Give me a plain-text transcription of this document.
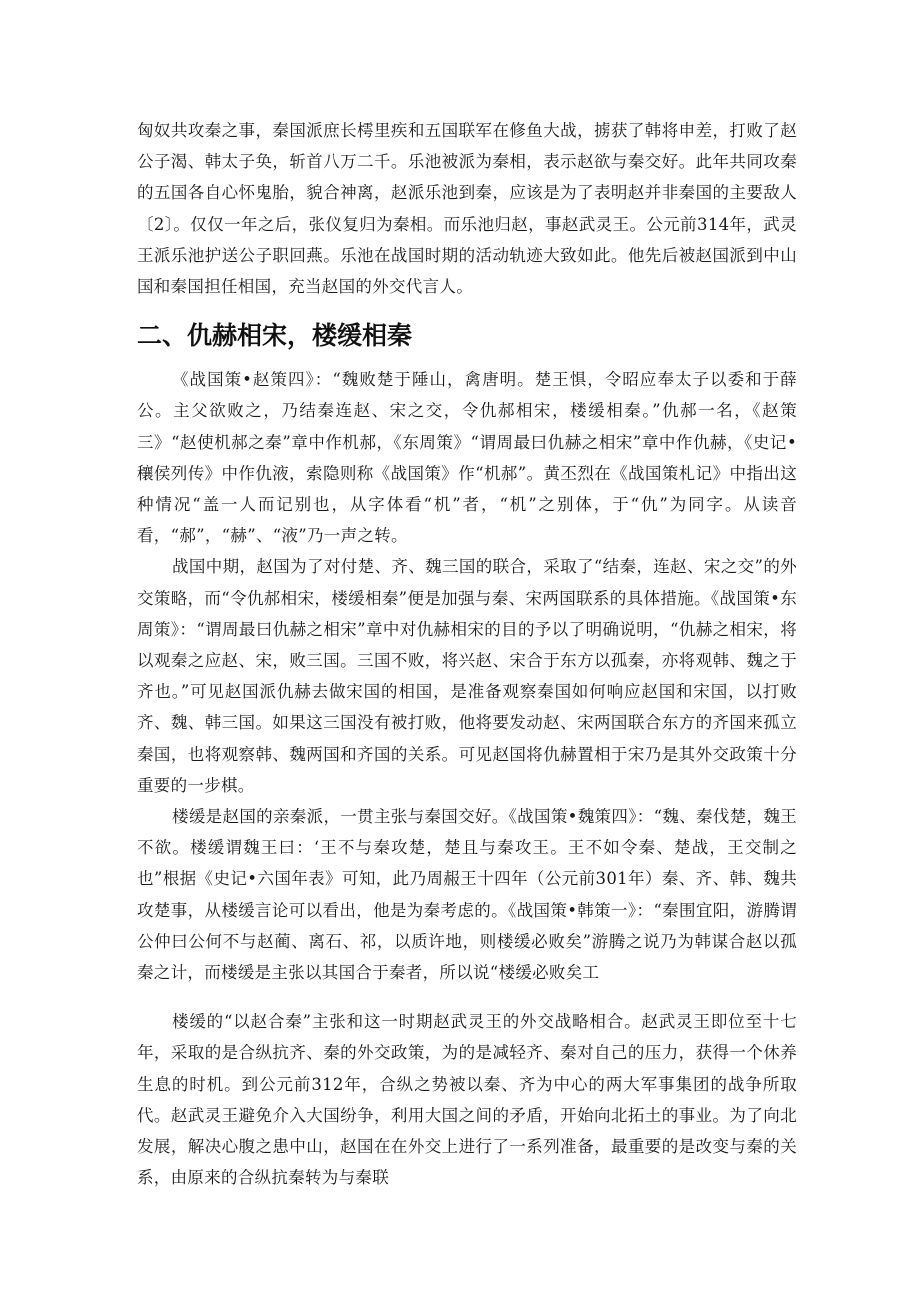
匈奴共攻秦之事，秦国派庶长樗里疾和五国联军在修鱼大战，掳获了韩将申差，打败了赵公子渴、韩太子奂，斩首八万二千。乐池被派为秦相，表示赵欲与秦交好。此年共同攻秦的五国各自心怀鬼胎，貌合神离，赵派乐池到秦，应该是为了表明赵并非秦国的主要敌人〔2〕。仅仅一年之后，张仪复归为秦相。而乐池归赵，事赵武灵王。公元前314年，武灵王派乐池护送公子职回燕。乐池在战国时期的活动轨迹大致如此。他先后被赵国派到中山国和秦国担任相国，充当赵国的外交代言人。

二、仇赫相宋，楼缓相秦

《战国策•赵策四》：“魏败楚于陲山，禽唐明。楚王惧，令昭应奉太子以委和于薛公。主父欲败之，乃结秦连赵、宋之交，令仇郝相宋，楼缓相秦。”仇郝一名，《赵策三》“赵使机郝之秦”章中作机郝，《东周策》“谓周最曰仇赫之相宋”章中作仇赫，《史记•穰侯列传》中作仇液，索隐则称《战国策》作“机郝”。黄丕烈在《战国策札记》中指出这种情况“盖一人而记别也，从字体看“机”者，“机”之别体，于“仇”为同字。从读音看，“郝”，“赫”、“液”乃一声之转。

战国中期，赵国为了对付楚、齐、魏三国的联合，采取了“结秦，连赵、宋之交”的外交策略，而“令仇郝相宋，楼缓相秦”便是加强与秦、宋两国联系的具体措施。《战国策•东周策》：“谓周最曰仇赫之相宋”章中对仇赫相宋的目的予以了明确说明，“仇赫之相宋，将以观秦之应赵、宋，败三国。三国不败，将兴赵、宋合于东方以孤秦，亦将观韩、魏之于齐也。”可见赵国派仇赫去做宋国的相国，是准备观察秦国如何响应赵国和宋国，以打败齐、魏、韩三国。如果这三国没有被打败，他将要发动赵、宋两国联合东方的齐国来孤立秦国，也将观察韩、魏两国和齐国的关系。可见赵国将仇赫置相于宋乃是其外交政策十分重要的一步棋。

楼缓是赵国的亲秦派，一贯主张与秦国交好。《战国策•魏策四》：“魏、秦伐楚，魏王不欲。楼缓谓魏王曰：‘王不与秦攻楚，楚且与秦攻王。王不如令秦、楚战，王交制之也”根据《史记•六国年表》可知，此乃周赧王十四年（公元前301年）秦、齐、韩、魏共攻楚事，从楼缓言论可以看出，他是为秦考虑的。《战国策•韩策一》：“秦围宜阳，游腾谓公仲曰公何不与赵蔺、离石、祁，以质许地，则楼缓必败矣”游腾之说乃为韩谋合赵以孤秦之计，而楼缓是主张以其国合于秦者，所以说“楼缓必败矣工

楼缓的“以赵合秦”主张和这一时期赵武灵王的外交战略相合。赵武灵王即位至十七年，采取的是合纵抗齐、秦的外交政策，为的是减轻齐、秦对自己的压力，获得一个休养生息的时机。到公元前312年，合纵之势被以秦、齐为中心的两大军事集团的战争所取代。赵武灵王避免介入大国纷争，利用大国之间的矛盾，开始向北拓土的事业。为了向北发展，解决心腹之患中山，赵国在在外交上进行了一系列准备，最重要的是改变与秦的关系，由原来的合纵抗秦转为与秦联
